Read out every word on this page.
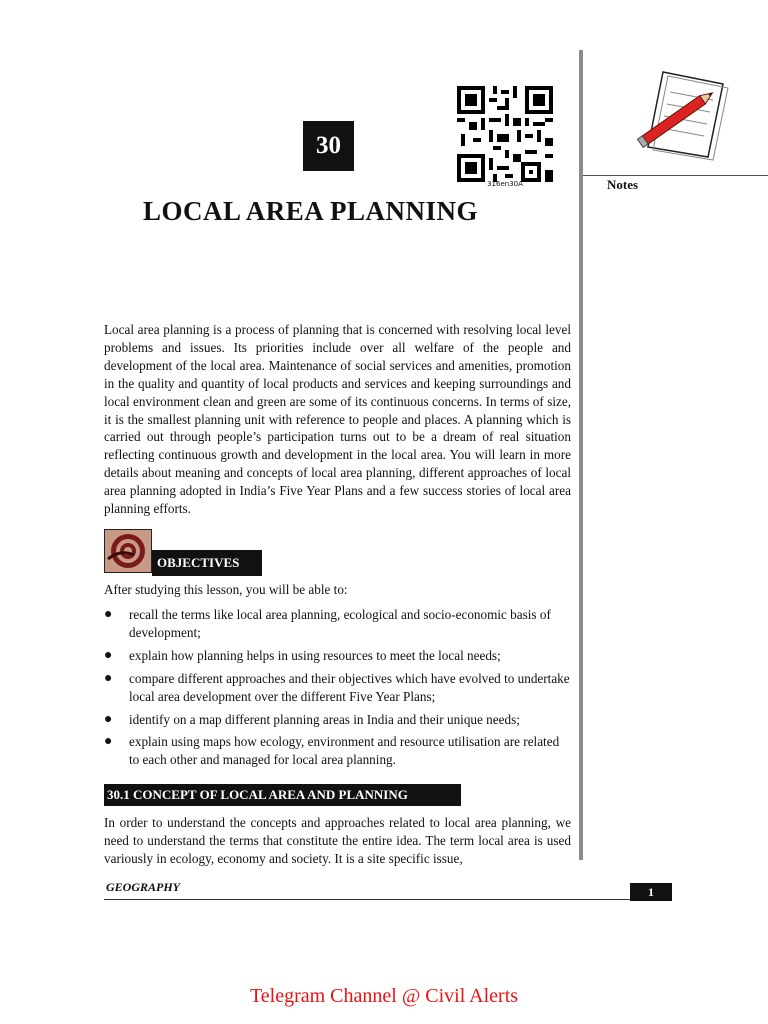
30
316en30A	Notes
LOCAL AREA PLANNING
Local area planning is a process of planning that is concerned with resolving local level problems and issues. Its priorities include over all welfare of the people and development of the local area. Maintenance of social services and amenities, promotion in the quality and quantity of local products and services and keeping surroundings and local environment clean and green are some of its continuous concerns. In terms of size, it is the smallest planning unit with reference to people and places. A planning which is carried out through people’s participation turns out to be a dream of real situation reflecting continuous growth and development in the local area. You will learn in more details about meaning and concepts of local area planning, different approaches of local area planning adopted in India’s Five Year Plans and a few success stories of local area planning efforts.
OBJECTIVES
After studying this lesson, you will be able to:
● recall the terms like local area planning, ecological and socio-economic basis of development;
● explain how planning helps in using resources to meet the local needs;
● compare different approaches and their objectives which have evolved to undertake local area development over the different Five Year Plans;
● identify on a map different planning areas in India and their unique needs;
● explain using maps how ecology, environment and resource utilisation are related to each other and managed for local area planning.
30.1 CONCEPT OF LOCAL AREA AND PLANNING
In order to understand the concepts and approaches related to local area planning, we need to understand the terms that constitute the entire idea. The term local area is used variously in ecology, economy and society. It is a site specific issue,
GEOGRAPHY	1
Telegram Channel @ Civil Alerts
